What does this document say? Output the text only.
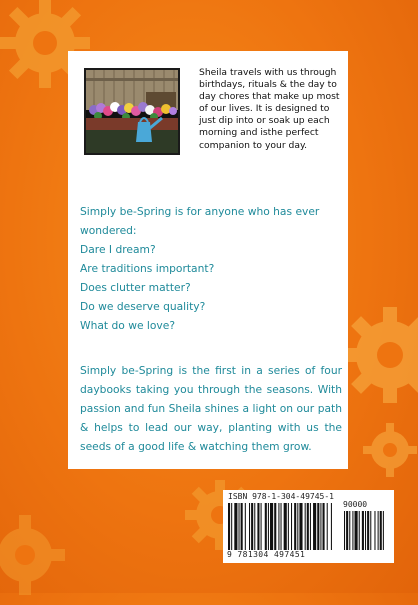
Sheila travels with us through birthdays, rituals & the day to day chores that make up most of our lives. It is designed to just dip into or soak up each morning and isthe perfect companion to your day.

Simply be-Spring is for anyone who has ever wondered:

Dare I dream?
Are traditions important?
Does clutter matter?
Do we deserve quality?
What do we love?

Simply be-Spring is the first in a series of four daybooks taking you through the seasons. With passion and fun Sheila shines a light on our path & helps to lead our way, planting with us the seeds of a good life & watching them grow.

ISBN 978-1-304-49745-1
90000
9 781304 497451
